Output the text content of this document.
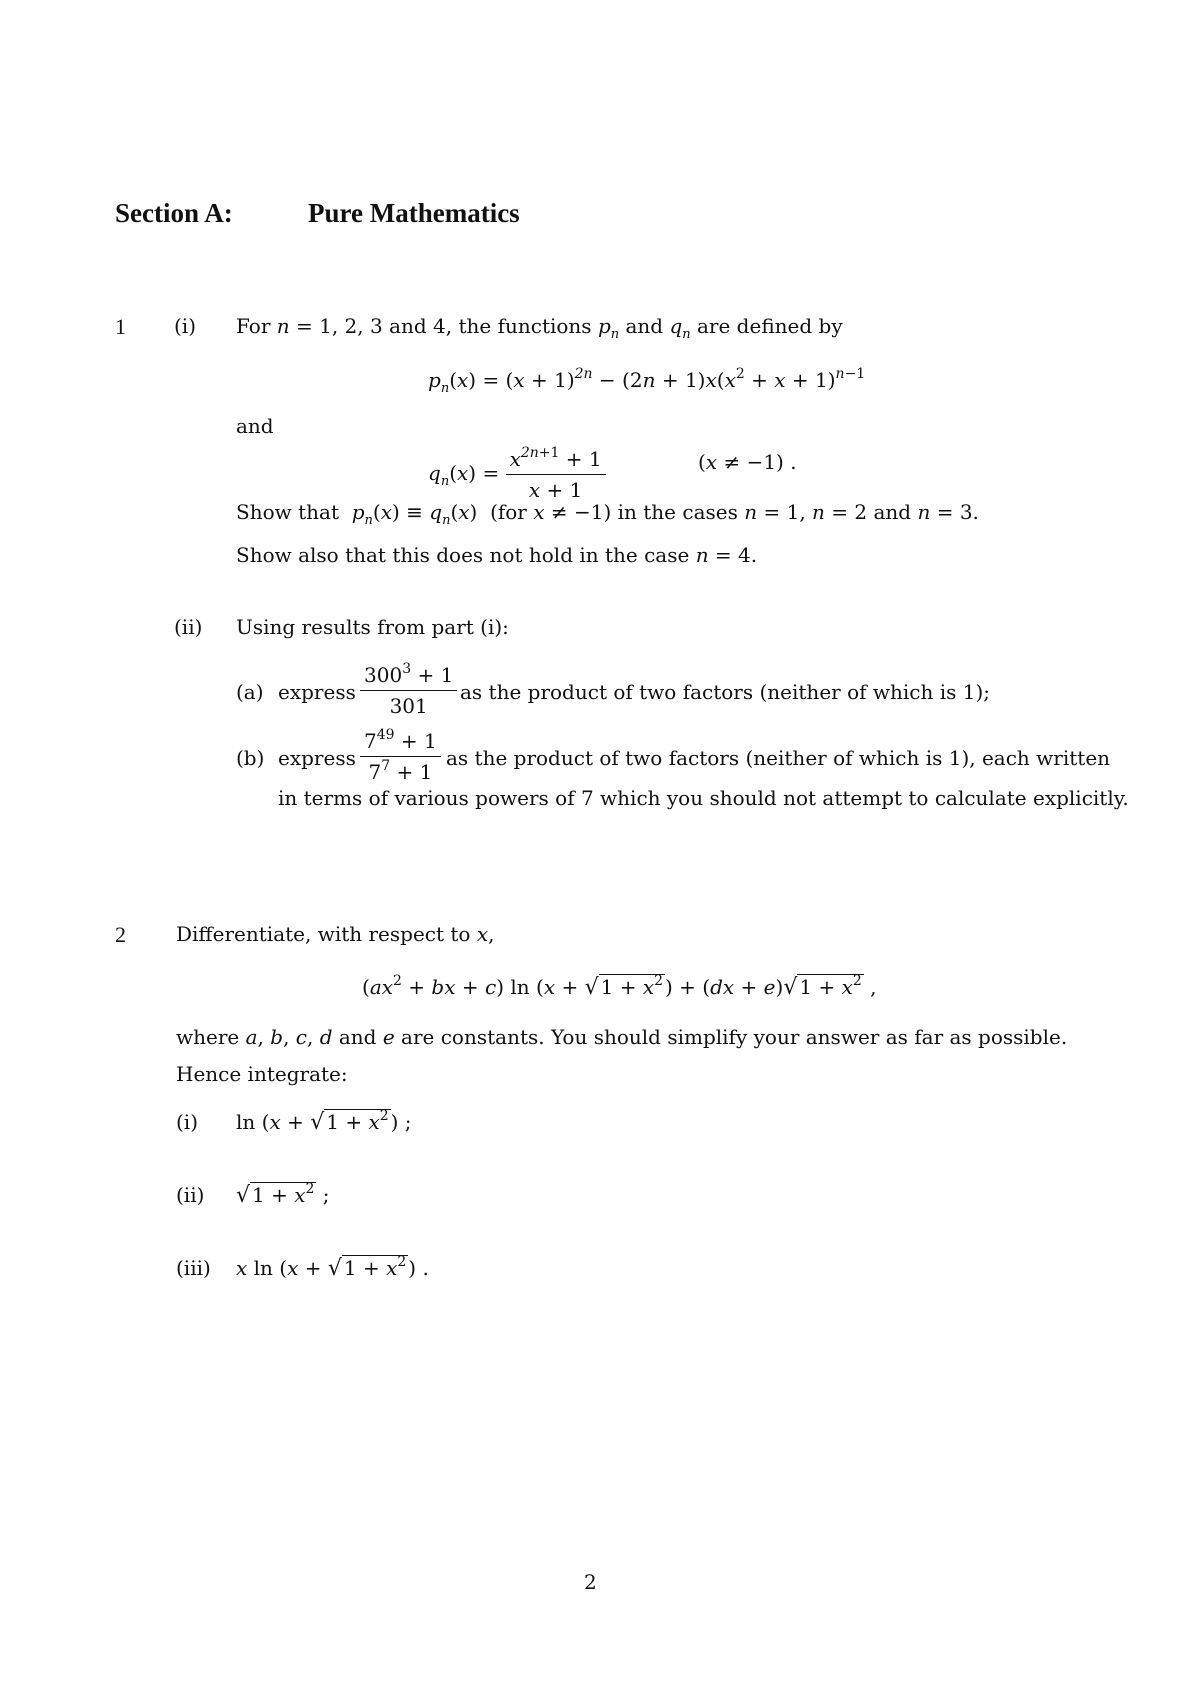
Section A:	Pure Mathematics
1 (i) For n = 1, 2, 3 and 4, the functions $p_n$ and $q_n$ are defined by
$p_n(x) = (x + 1)^{2n} - (2n + 1)x(x^2 + x + 1)^{n-1}$
and
$q_n(x) = \frac{x^{2n+1} + 1}{x + 1}$	(x ≠ −1) .
Show that  $p_n(x) \equiv q_n(x)$  (for x ≠ −1) in the cases n = 1, n = 2 and n = 3.
Show also that this does not hold in the case n = 4.
(ii) Using results from part (i):
(a) express $\frac{300^3 + 1}{301}$ as the product of two factors (neither of which is 1);
(b) express $\frac{7^{49} + 1}{7^7 + 1}$ as the product of two factors (neither of which is 1), each written
in terms of various powers of 7 which you should not attempt to calculate explicitly.
2	Differentiate, with respect to x,
($ax^2$ + bx + c) ln (x + √ $1 + x^2$ ) + (dx + e)√ $1 + x^2$ ,
where a, b, c, d and e are constants. You should simplify your answer as far as possible.
Hence integrate:
(i) ln (x + √ $1 + x^2$ ) ;
(ii) √ $1 + x^2$ ;
(iii) x ln (x + √ $1 + x^2$ ) .
2
